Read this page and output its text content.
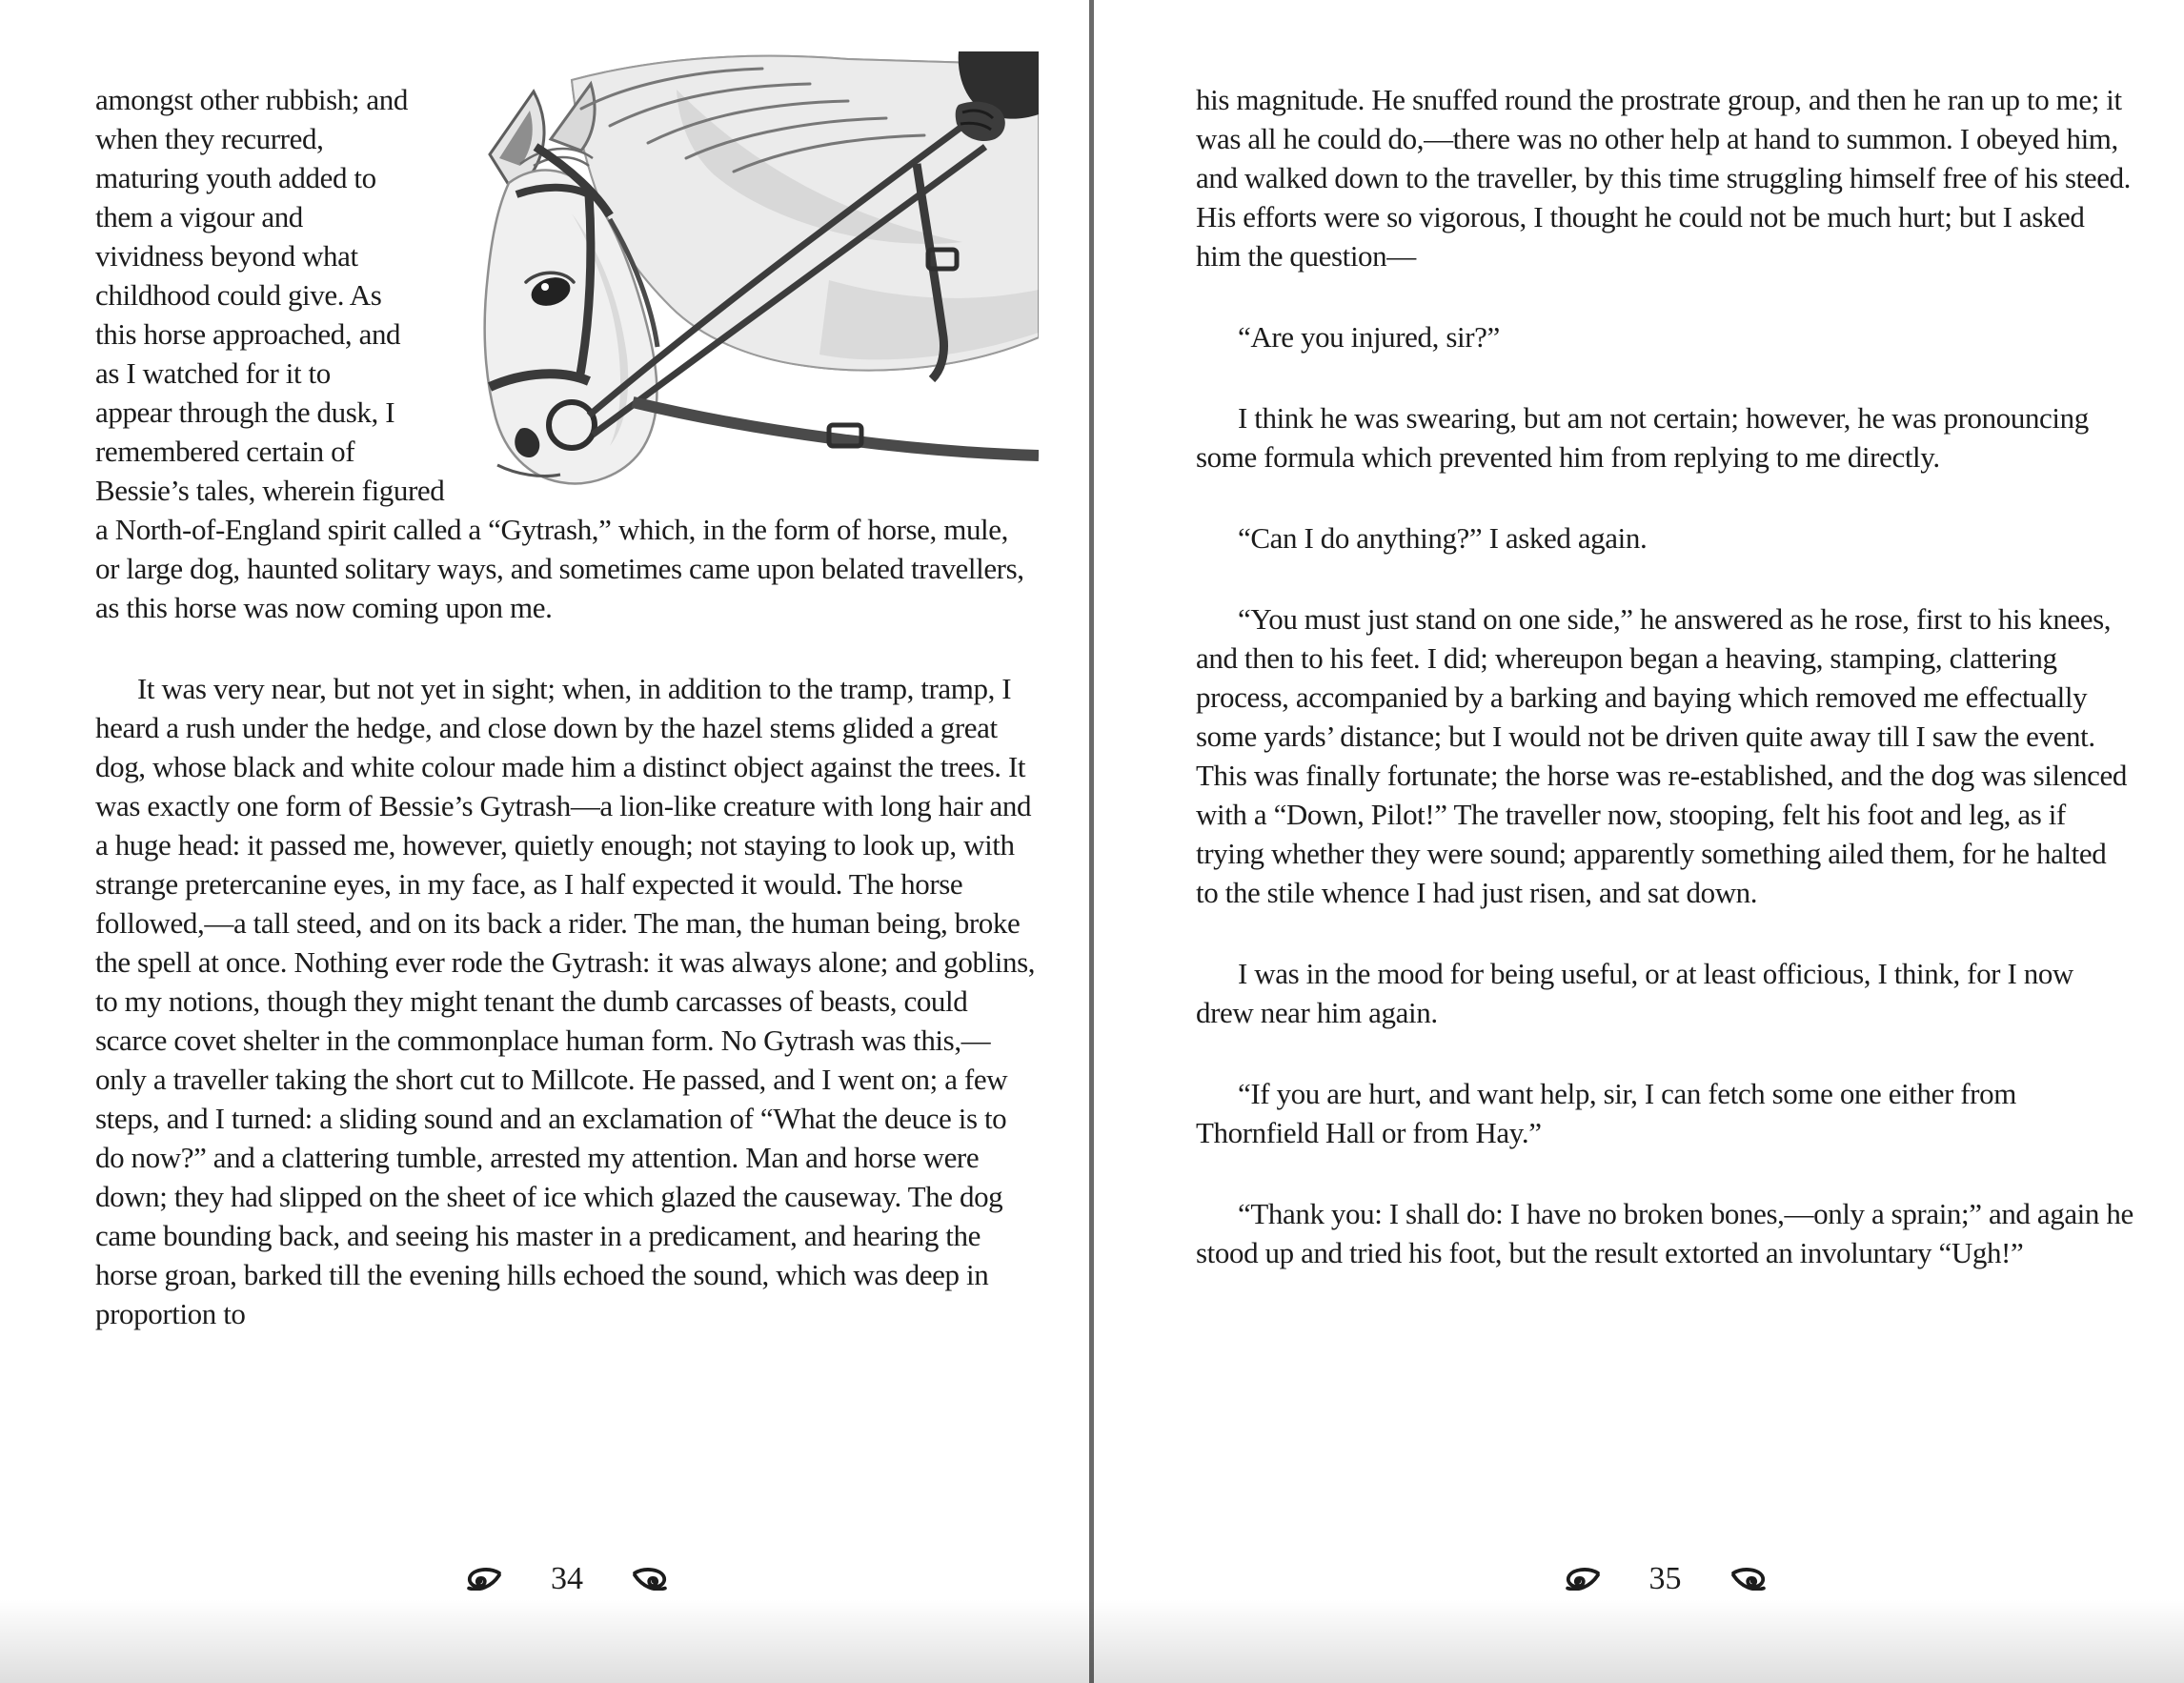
amongst other rubbish; and when they recurred, maturing youth added to them a vigour and vividness beyond what childhood could give. As this horse approached, and as I watched for it to appear through the dusk, I remembered certain of Bessie’s tales, wherein figured a North-of-England spirit called a “Gytrash,” which, in the form of horse, mule, or large dog, haunted solitary ways, and sometimes came upon belated travellers, as this horse was now coming upon me.

It was very near, but not yet in sight; when, in addition to the tramp, tramp, I heard a rush under the hedge, and close down by the hazel stems glided a great dog, whose black and white colour made him a distinct object against the trees. It was exactly one form of Bessie’s Gytrash—a lion-like creature with long hair and a huge head: it passed me, however, quietly enough; not staying to look up, with strange pretercanine eyes, in my face, as I half expected it would. The horse followed,—a tall steed, and on its back a rider. The man, the human being, broke the spell at once. Nothing ever rode the Gytrash: it was always alone; and goblins, to my notions, though they might tenant the dumb carcasses of beasts, could scarce covet shelter in the commonplace human form. No Gytrash was this,—only a traveller taking the short cut to Millcote. He passed, and I went on; a few steps, and I turned: a sliding sound and an exclamation of “What the deuce is to do now?” and a clattering tumble, arrested my attention. Man and horse were down; they had slipped on the sheet of ice which glazed the causeway. The dog came bounding back, and seeing his master in a predicament, and hearing the horse groan, barked till the evening hills echoed the sound, which was deep in proportion to

34

his magnitude. He snuffed round the prostrate group, and then he ran up to me; it was all he could do,—there was no other help at hand to summon. I obeyed him, and walked down to the traveller, by this time struggling himself free of his steed. His efforts were so vigorous, I thought he could not be much hurt; but I asked him the question—

“Are you injured, sir?”

I think he was swearing, but am not certain; however, he was pronouncing some formula which prevented him from replying to me directly.

“Can I do anything?” I asked again.

“You must just stand on one side,” he answered as he rose, first to his knees, and then to his feet. I did; whereupon began a heaving, stamping, clattering process, accompanied by a barking and baying which removed me effectually some yards’ distance; but I would not be driven quite away till I saw the event. This was finally fortunate; the horse was re-established, and the dog was silenced with a “Down, Pilot!” The traveller now, stooping, felt his foot and leg, as if trying whether they were sound; apparently something ailed them, for he halted to the stile whence I had just risen, and sat down.

I was in the mood for being useful, or at least officious, I think, for I now drew near him again.

“If you are hurt, and want help, sir, I can fetch some one either from Thornfield Hall or from Hay.”

“Thank you: I shall do: I have no broken bones,—only a sprain;” and again he stood up and tried his foot, but the result extorted an involuntary “Ugh!”

35
